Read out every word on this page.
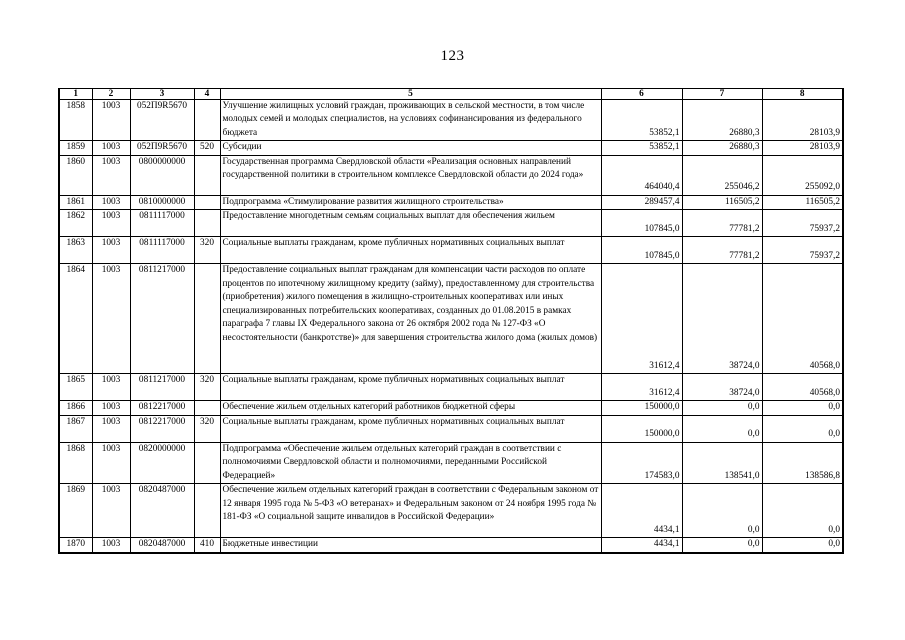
123
1	2	3	4	5	6	7	8
1858	1003	052П9R5670		Улучшение жилищных условий граждан, проживающих в сельской местности, в том числе молодых семей и молодых специалистов, на условиях софинансирования из федерального бюджета	53852,1	26880,3	28103,9
1859	1003	052П9R5670	520	Субсидии	53852,1	26880,3	28103,9
1860	1003	0800000000		Государственная программа Свердловской области «Реализация основных направлений государственной политики в строительном комплексе Свердловской области до 2024 года»	464040,4	255046,2	255092,0
1861	1003	0810000000		Подпрограмма «Стимулирование развития жилищного строительства»	289457,4	116505,2	116505,2
1862	1003	0811117000		Предоставление многодетным семьям социальных выплат для обеспечения жильем	107845,0	77781,2	75937,2
1863	1003	0811117000	320	Социальные выплаты гражданам, кроме публичных нормативных социальных выплат	107845,0	77781,2	75937,2
1864	1003	0811217000		Предоставление социальных выплат гражданам для компенсации части расходов по оплате процентов по ипотечному жилищному кредиту (займу), предоставленному для строительства (приобретения) жилого помещения в жилищно-строительных кооперативах или иных специализированных потребительских кооперативах, созданных до 01.08.2015 в рамках параграфа 7 главы IX Федерального закона от 26 октября 2002 года № 127-ФЗ «О несостоятельности (банкротстве)» для завершения строительства жилого дома (жилых домов)	31612,4	38724,0	40568,0
1865	1003	0811217000	320	Социальные выплаты гражданам, кроме публичных нормативных социальных выплат	31612,4	38724,0	40568,0
1866	1003	0812217000		Обеспечение жильем отдельных категорий работников бюджетной сферы	150000,0	0,0	0,0
1867	1003	0812217000	320	Социальные выплаты гражданам, кроме публичных нормативных социальных выплат	150000,0	0,0	0,0
1868	1003	0820000000		Подпрограмма «Обеспечение жильем отдельных категорий граждан в соответствии с полномочиями Свердловской области и полномочиями, переданными Российской Федерацией»	174583,0	138541,0	138586,8
1869	1003	0820487000		Обеспечение жильем отдельных категорий граждан в соответствии с Федеральным законом от 12 января 1995 года № 5-ФЗ «О ветеранах» и Федеральным законом от 24 ноября 1995 года № 181-ФЗ «О социальной защите инвалидов в Российской Федерации»	4434,1	0,0	0,0
1870	1003	0820487000	410	Бюджетные инвестиции	4434,1	0,0	0,0
